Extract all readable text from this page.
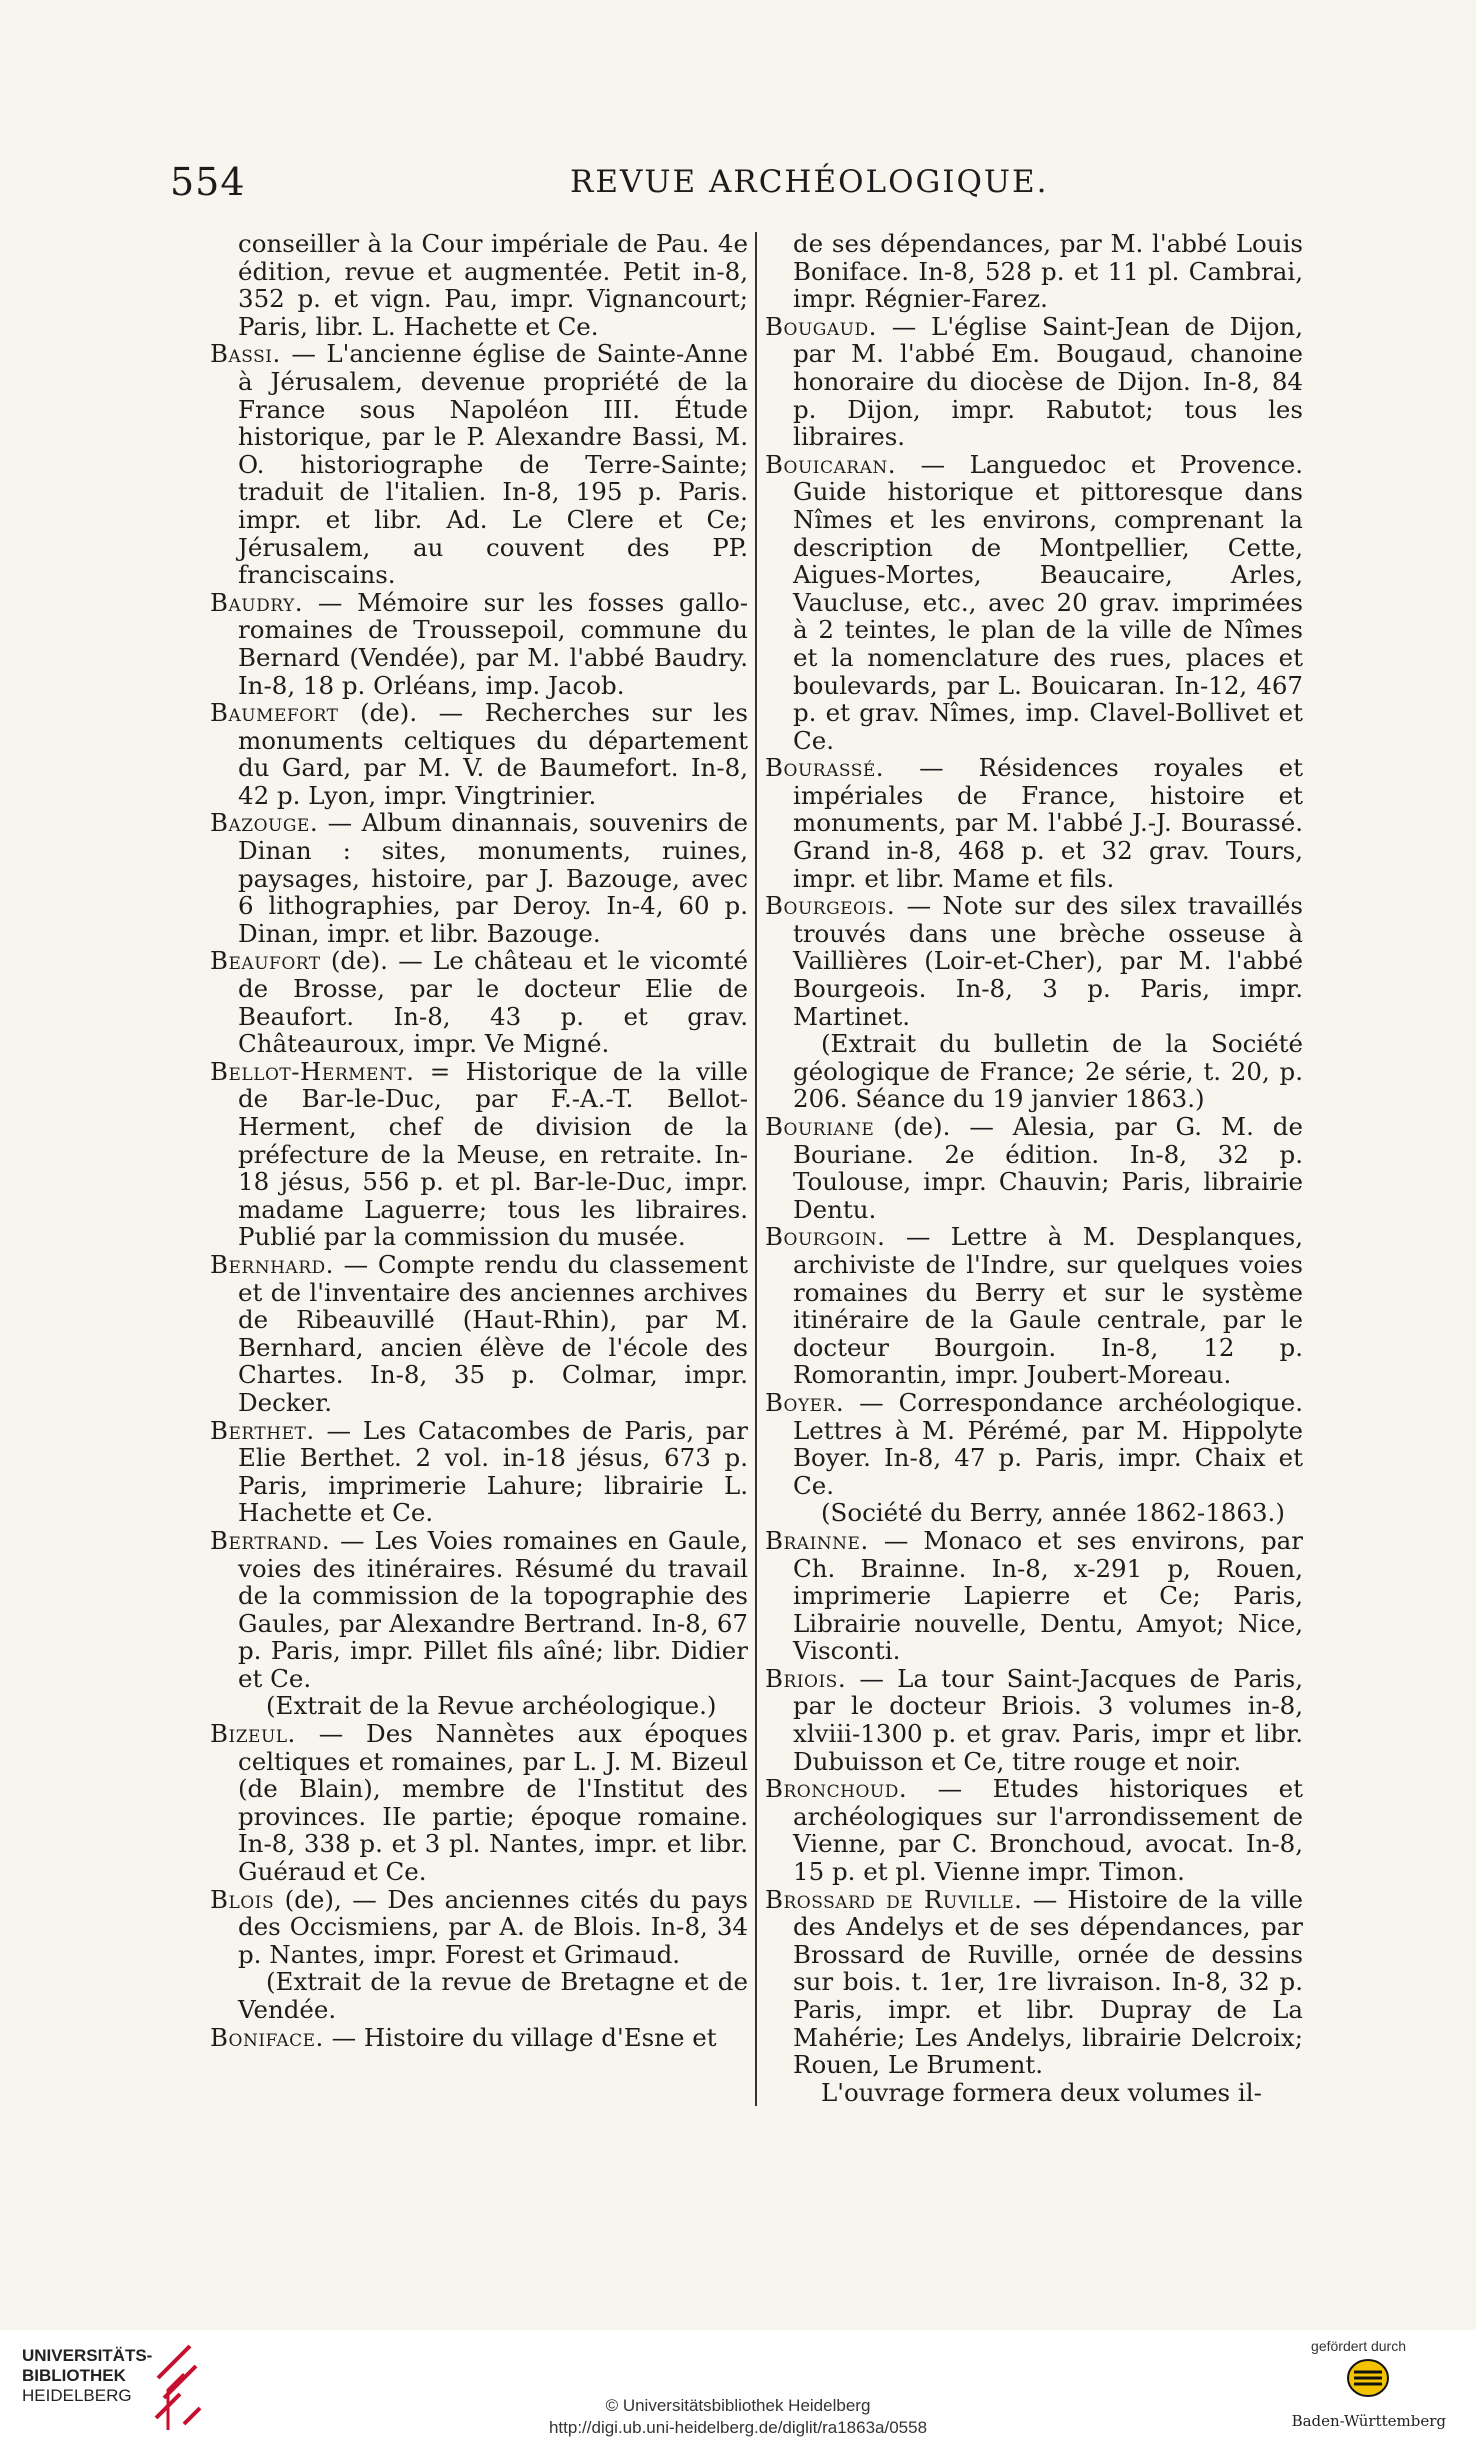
554	REVUE ARCHÉOLOGIQUE.

conseiller à la Cour impériale de Pau. 4e édition, revue et augmentée. Petit in-8, 352 p. et vign. Pau, impr. Vignancourt; Paris, libr. L. Hachette et Ce.

Bassi. — L'ancienne église de Sainte-Anne à Jérusalem, devenue propriété de la France sous Napoléon III. Étude historique, par le P. Alexandre Bassi, M. O. historiographe de Terre-Sainte; traduit de l'italien. In-8, 195 p. Paris. impr. et libr. Ad. Le Clere et Ce; Jérusalem, au couvent des PP. franciscains.

Baudry. — Mémoire sur les fosses gallo-romaines de Troussepoil, commune du Bernard (Vendée), par M. l'abbé Baudry. In-8, 18 p. Orléans, imp. Jacob.

Baumefort (de). — Recherches sur les monuments celtiques du département du Gard, par M. V. de Baumefort. In-8, 42 p. Lyon, impr. Vingtrinier.

Bazouge. — Album dinannais, souvenirs de Dinan : sites, monuments, ruines, paysages, histoire, par J. Bazouge, avec 6 lithographies, par Deroy. In-4, 60 p. Dinan, impr. et libr. Bazouge.

Beaufort (de). — Le château et le vicomté de Brosse, par le docteur Elie de Beaufort. In-8, 43 p. et grav. Châteauroux, impr. Ve Migné.

Bellot-Herment. = Historique de la ville de Bar-le-Duc, par F.-A.-T. Bellot-Herment, chef de division de la préfecture de la Meuse, en retraite. In-18 jésus, 556 p. et pl. Bar-le-Duc, impr. madame Laguerre; tous les libraires. Publié par la commission du musée.

Bernhard. — Compte rendu du classement et de l'inventaire des anciennes archives de Ribeauvillé (Haut-Rhin), par M. Bernhard, ancien élève de l'école des Chartes. In-8, 35 p. Colmar, impr. Decker.

Berthet. — Les Catacombes de Paris, par Elie Berthet. 2 vol. in-18 jésus, 673 p. Paris, imprimerie Lahure; librairie L. Hachette et Ce.

Bertrand. — Les Voies romaines en Gaule, voies des itinéraires. Résumé du travail de la commission de la topographie des Gaules, par Alexandre Bertrand. In-8, 67 p. Paris, impr. Pillet fils aîné; libr. Didier et Ce.

(Extrait de la Revue archéologique.)

Bizeul. — Des Nannètes aux époques celtiques et romaines, par L. J. M. Bizeul (de Blain), membre de l'Institut des provinces. IIe partie; époque romaine. In-8, 338 p. et 3 pl. Nantes, impr. et libr. Guéraud et Ce.

Blois (de), — Des anciennes cités du pays des Occismiens, par A. de Blois. In-8, 34 p. Nantes, impr. Forest et Grimaud.

(Extrait de la revue de Bretagne et de Vendée.

Boniface. — Histoire du village d'Esne et

de ses dépendances, par M. l'abbé Louis Boniface. In-8, 528 p. et 11 pl. Cambrai, impr. Régnier-Farez.

Bougaud. — L'église Saint-Jean de Dijon, par M. l'abbé Em. Bougaud, chanoine honoraire du diocèse de Dijon. In-8, 84 p. Dijon, impr. Rabutot; tous les libraires.

Bouicaran. — Languedoc et Provence. Guide historique et pittoresque dans Nîmes et les environs, comprenant la description de Montpellier, Cette, Aigues-Mortes, Beaucaire, Arles, Vaucluse, etc., avec 20 grav. imprimées à 2 teintes, le plan de la ville de Nîmes et la nomenclature des rues, places et boulevards, par L. Bouicaran. In-12, 467 p. et grav. Nîmes, imp. Clavel-Bollivet et Ce.

Bourassé. — Résidences royales et impériales de France, histoire et monuments, par M. l'abbé J.-J. Bourassé. Grand in-8, 468 p. et 32 grav. Tours, impr. et libr. Mame et fils.

Bourgeois. — Note sur des silex travaillés trouvés dans une brèche osseuse à Vaillières (Loir-et-Cher), par M. l'abbé Bourgeois. In-8, 3 p. Paris, impr. Martinet.

(Extrait du bulletin de la Société géologique de France; 2e série, t. 20, p. 206. Séance du 19 janvier 1863.)

Bouriane (de). — Alesia, par G. M. de Bouriane. 2e édition. In-8, 32 p. Toulouse, impr. Chauvin; Paris, librairie Dentu.

Bourgoin. — Lettre à M. Desplanques, archiviste de l'Indre, sur quelques voies romaines du Berry et sur le système itinéraire de la Gaule centrale, par le docteur Bourgoin. In-8, 12 p. Romorantin, impr. Joubert-Moreau.

Boyer. — Correspondance archéologique. Lettres à M. Pérémé, par M. Hippolyte Boyer. In-8, 47 p. Paris, impr. Chaix et Ce.

(Société du Berry, année 1862-1863.)

Brainne. — Monaco et ses environs, par Ch. Brainne. In-8, x-291 p, Rouen, imprimerie Lapierre et Ce; Paris, Librairie nouvelle, Dentu, Amyot; Nice, Visconti.

Briois. — La tour Saint-Jacques de Paris, par le docteur Briois. 3 volumes in-8, xlviii-1300 p. et grav. Paris, impr et libr. Dubuisson et Ce, titre rouge et noir.

Bronchoud. — Etudes historiques et archéologiques sur l'arrondissement de Vienne, par C. Bronchoud, avocat. In-8, 15 p. et pl. Vienne impr. Timon.

Brossard de Ruville. — Histoire de la ville des Andelys et de ses dépendances, par Brossard de Ruville, ornée de dessins sur bois. t. 1er, 1re livraison. In-8, 32 p. Paris, impr. et libr. Dupray de La Mahérie; Les Andelys, librairie Delcroix; Rouen, Le Brument.

L'ouvrage formera deux volumes il-

UNIVERSITÄTS-
BIBLIOTHEK
HEIDELBERG
© Universitätsbibliothek Heidelberg
http://digi.ub.uni-heidelberg.de/diglit/ra1863a/0558
gefördert durch
Baden-Württemberg
